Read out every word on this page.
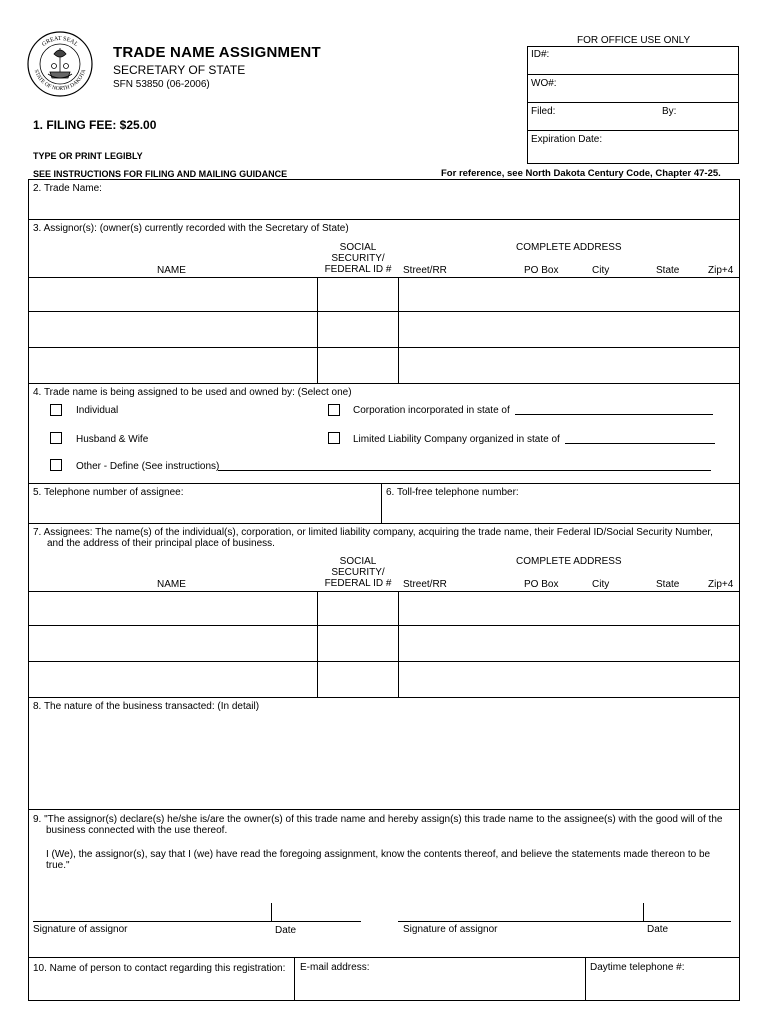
GREAT SEAL
STATE OF NORTH DAKOTA
TRADE NAME ASSIGNMENT
SECRETARY OF STATE
SFN 53850 (06-2006)
1. FILING FEE: $25.00
TYPE OR PRINT LEGIBLY
SEE INSTRUCTIONS FOR FILING AND MAILING GUIDANCE	For reference, see North Dakota Century Code, Chapter 47-25.
FOR OFFICE USE ONLY
ID#:
WO#:
Filed:	By:
Expiration Date:
2. Trade Name:
3. Assignor(s): (owner(s) currently recorded with the Secretary of State)
SOCIAL
SECURITY/
FEDERAL ID #
COMPLETE ADDRESS
NAME	Street/RR	PO Box	City	State	Zip+4
4. Trade name is being assigned to be used and owned by: (Select one)
Individual	Corporation incorporated in state of
Husband & Wife	Limited Liability Company organized in state of
Other - Define (See instructions)
5. Telephone number of assignee:	6. Toll-free telephone number:
7. Assignees: The name(s) of the individual(s), corporation, or limited liability company, acquiring the trade name, their Federal ID/Social Security Number,
and the address of their principal place of business.
SOCIAL
SECURITY/
FEDERAL ID #
COMPLETE ADDRESS
NAME	Street/RR	PO Box	City	State	Zip+4
8. The nature of the business transacted: (In detail)
9. "The assignor(s) declare(s) he/she is/are the owner(s) of this trade name and hereby assign(s) this trade name to the assignee(s) with the good will of the
business connected with the use thereof.
I (We), the assignor(s), say that I (we) have read the foregoing assignment, know the contents thereof, and believe the statements made thereon to be
true."
Signature of assignor	Date	Signature of assignor	Date
10. Name of person to contact regarding this registration: E-mail address:	Daytime telephone #:
